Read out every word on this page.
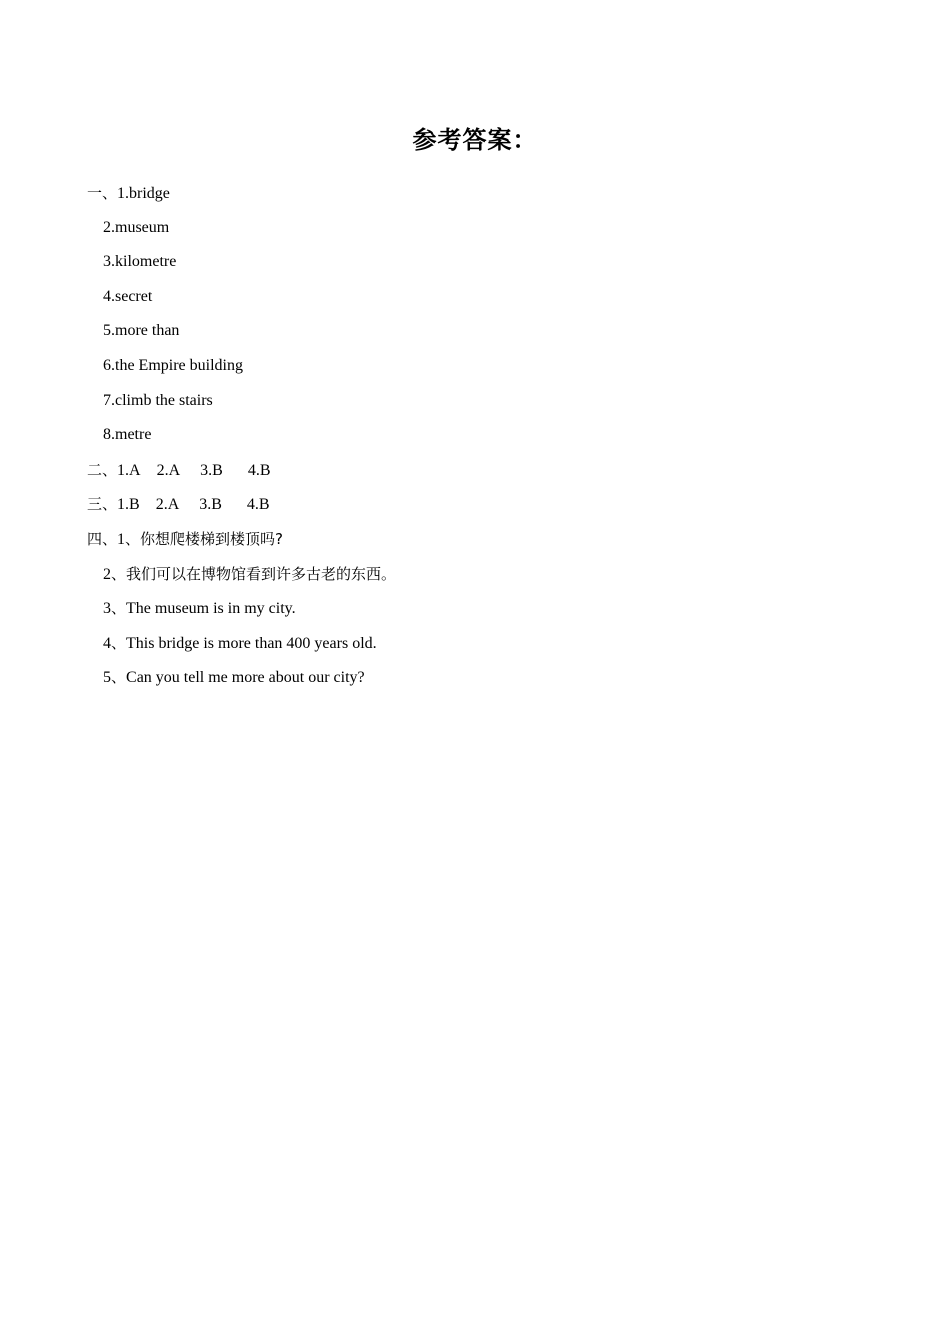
参考答案：
一、1.bridge
2.museum
3.kilometre
4.secret
5.more than
6.the Empire building
7.climb the stairs
8.metre
二、1.A 2.A 3.B 4.B
三、1.B 2.A 3.B 4.B
四、1、你想爬楼梯到楼顶吗?
2、我们可以在博物馆看到许多古老的东西。
3、The museum is in my city.
4、This bridge is more than 400 years old.
5、Can you tell me more about our city?
